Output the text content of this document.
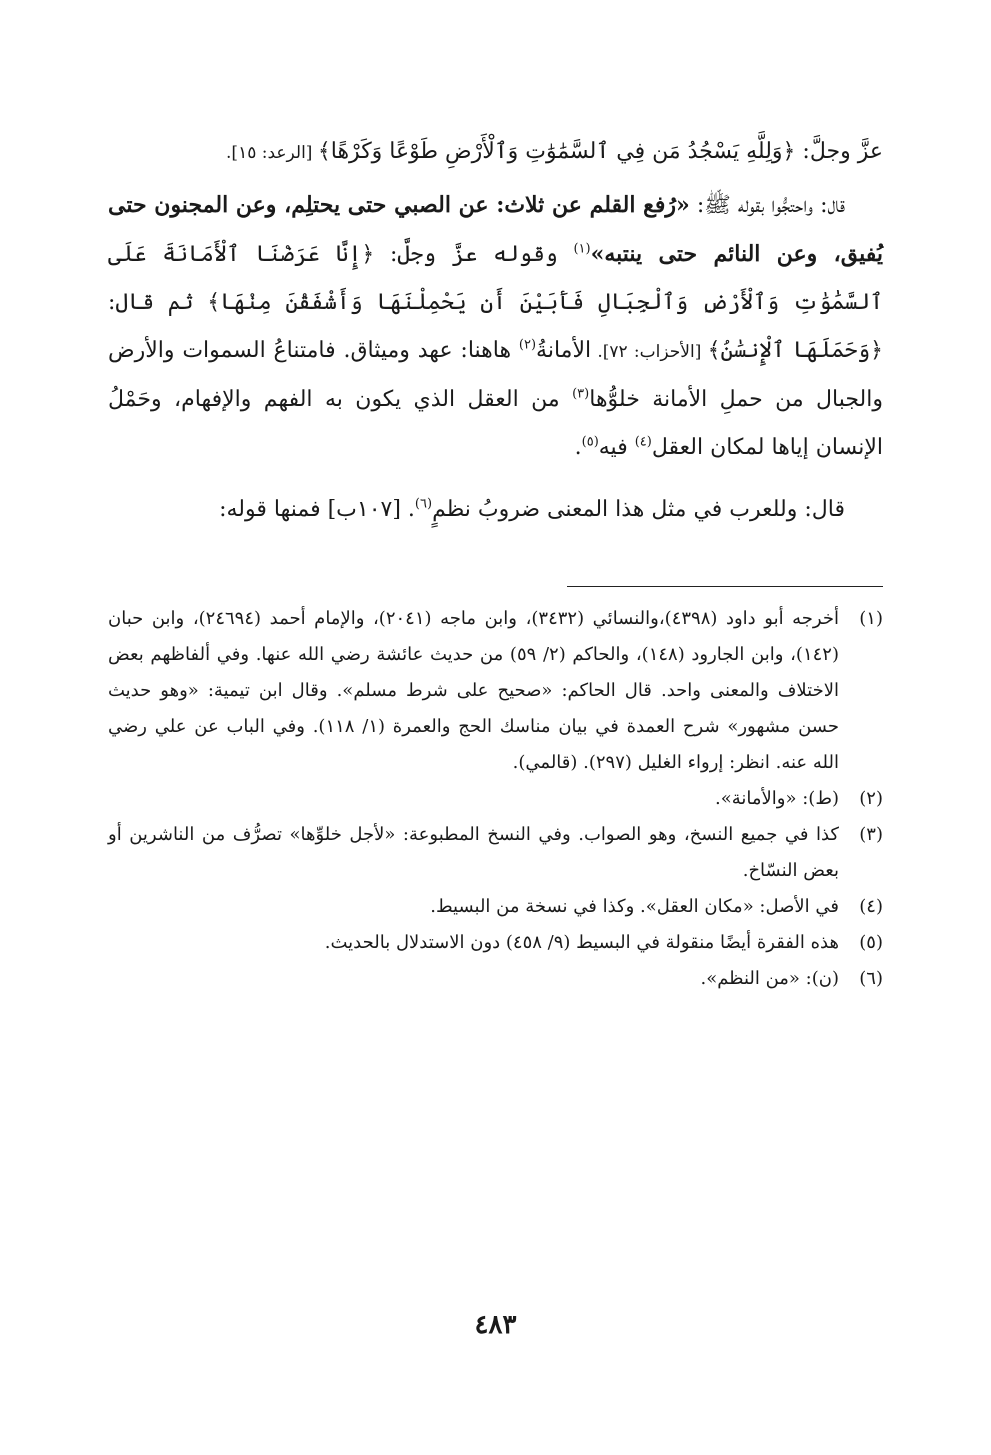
عزَّ وجلَّ: ﴿وَلِلَّهِ يَسْجُدُ مَن فِي ٱلسَّمَٰوَٰتِ وَٱلْأَرْضِ طَوْعًا وَكَرْهًا﴾ [الرعد: ١٥].

قال: واحتجُّوا بقوله ﷺ: «رُفع القلم عن ثلاث: عن الصبي حتى يحتلِم، وعن المجنون حتى يُفيق، وعن النائم حتى ينتبه»$^{(١)}$ وقوله عزَّ وجلَّ: ﴿إِنَّا عَرَضْنَا ٱلْأَمَانَةَ عَلَى ٱلسَّمَٰوَٰتِ وَٱلْأَرْضِ وَٱلْجِبَالِ فَأَبَيْنَ أَن يَحْمِلْنَهَا وَأَشْفَقْنَ مِنْهَا﴾ ثم قال: ﴿وَحَمَلَهَا ٱلْإِنسَٰنُ﴾ [الأحزاب: ٧٢]. الأمانةُ$^{(٢)}$ هاهنا: عهد وميثاق. فامتناعُ السموات والأرض والجبال من حملِ الأمانة خلوُّها$^{(٣)}$ من العقل الذي يكون به الفهم والإفهام، وحَمْلُ الإنسان إياها لمكان العقل$^{(٤)}$ فيه$^{(٥)}$.

قال: وللعرب في مثل هذا المعنى ضروبُ نظمٍ$^{(٦)}$. [١٠٧ب] فمنها قوله:

(١)
أخرجه أبو داود (٤٣٩٨)،والنسائي (٣٤٣٢)، وابن ماجه (٢٠٤١)، والإمام أحمد (٢٤٦٩٤)، وابن حبان (١٤٢)، وابن الجارود (١٤٨)، والحاكم (٢/ ٥٩) من حديث عائشة رضي الله عنها. وفي ألفاظهم بعض الاختلاف والمعنى واحد. قال الحاكم: «صحيح على شرط مسلم». وقال ابن تيمية: «وهو حديث حسن مشهور» شرح العمدة في بيان مناسك الحج والعمرة (١/ ١١٨). وفي الباب عن علي رضي الله عنه. انظر: إرواء الغليل (٢٩٧). (قالمي).
(٢)
(ط): «والأمانة».
(٣)
كذا في جميع النسخ، وهو الصواب. وفي النسخ المطبوعة: «لأجل خلوِّها» تصرُّف من الناشرين أو بعض النسّاخ.
(٤)
في الأصل: «مكان العقل». وكذا في نسخة من البسيط.
(٥)
هذه الفقرة أيضًا منقولة في البسيط (٩/ ٤٥٨) دون الاستدلال بالحديث.
(٦)
(ن): «من النظم».
٤٨٣
